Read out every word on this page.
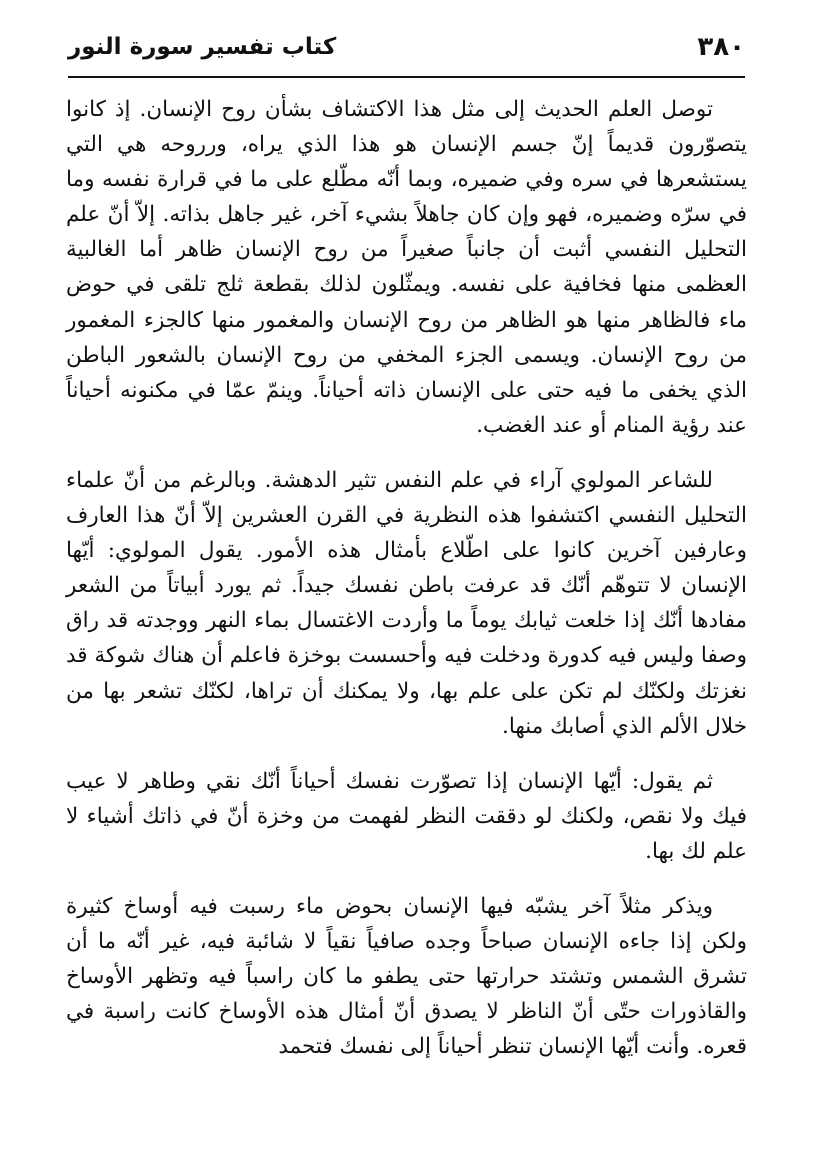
٣٨٠
كتاب تفسير سورة النور

توصل العلم الحديث إلى مثل هذا الاكتشاف بشأن روح الإنسان. إذ كانوا يتصوّرون قديماً إنّ جسم الإنسان هو هذا الذي يراه، ورروحه هي التي يستشعرها في سره وفي ضميره، وبما أنّه مطّلع على ما في قرارة نفسه وما في سرّه وضميره، فهو وإن كان جاهلاً بشيء آخر، غير جاهل بذاته. إلاّ أنّ علم التحليل النفسي أثبت أن جانباً صغيراً من روح الإنسان ظاهر أما الغالبية العظمى منها فخافية على نفسه. ويمثّلون لذلك بقطعة ثلج تلقى في حوض ماء فالظاهر منها هو الظاهر من روح الإنسان والمغمور منها كالجزء المغمور من روح الإنسان. ويسمى الجزء المخفي من روح الإنسان بالشعور الباطن الذي يخفى ما فيه حتى على الإنسان ذاته أحياناً. وينمّ عمّا في مكنونه أحياناً عند رؤية المنام أو عند الغضب.

للشاعر المولوي آراء في علم النفس تثير الدهشة. وبالرغم من أنّ علماء التحليل النفسي اكتشفوا هذه النظرية في القرن العشرين إلاّ أنّ هذا العارف وعارفين آخرين كانوا على اطّلاع بأمثال هذه الأمور. يقول المولوي: أيّها الإنسان لا تتوهّم أنّك قد عرفت باطن نفسك جيداً. ثم يورد أبياتاً من الشعر مفادها أنّك إذا خلعت ثيابك يوماً ما وأردت الاغتسال بماء النهر ووجدته قد راق وصفا وليس فيه كدورة ودخلت فيه وأحسست بوخزة فاعلم أن هناك شوكة قد نغزتك ولكنّك لم تكن على علم بها، ولا يمكنك أن تراها، لكنّك تشعر بها من خلال الألم الذي أصابك منها.

ثم يقول: أيّها الإنسان إذا تصوّرت نفسك أحياناً أنّك نقي وطاهر لا عيب فيك ولا نقص، ولكنك لو دققت النظر لفهمت من وخزة أنّ في ذاتك أشياء لا علم لك بها.

ويذكر مثلاً آخر يشبّه فيها الإنسان بحوض ماء رسبت فيه أوساخ كثيرة ولكن إذا جاءه الإنسان صباحاً وجده صافياً نقياً لا شائبة فيه، غير أنّه ما أن تشرق الشمس وتشتد حرارتها حتى يطفو ما كان راسباً فيه وتظهر الأوساخ والقاذورات حتّى أنّ الناظر لا يصدق أنّ أمثال هذه الأوساخ كانت راسبة في قعره. وأنت أيّها الإنسان تنظر أحياناً إلى نفسك فتحمد
